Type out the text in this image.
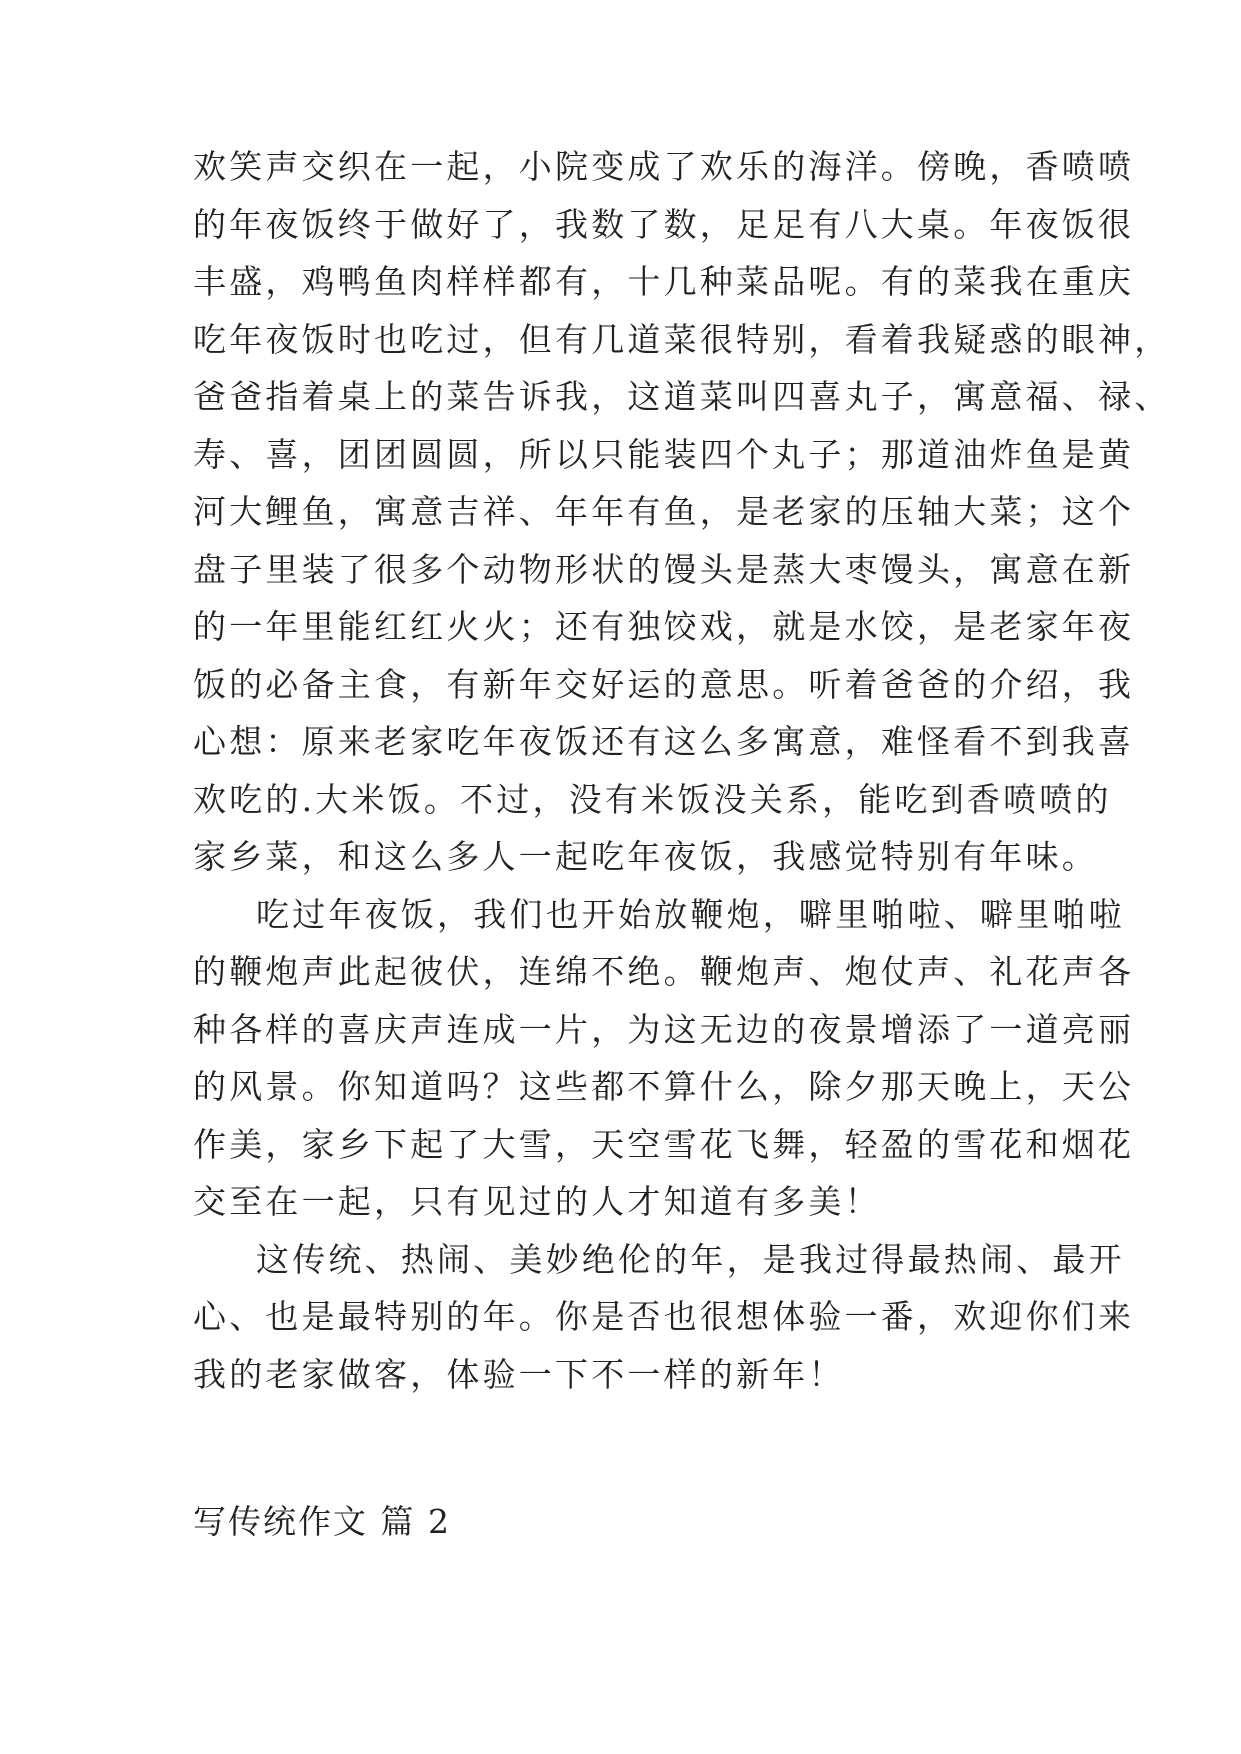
欢笑声交织在一起，小院变成了欢乐的海洋。傍晚，香喷喷
的年夜饭终于做好了，我数了数，足足有八大桌。年夜饭很
丰盛，鸡鸭鱼肉样样都有，十几种菜品呢。有的菜我在重庆
吃年夜饭时也吃过，但有几道菜很特别，看着我疑惑的眼神，
爸爸指着桌上的菜告诉我，这道菜叫四喜丸子，寓意福、禄、
寿、喜，团团圆圆，所以只能装四个丸子；那道油炸鱼是黄
河大鲤鱼，寓意吉祥、年年有鱼，是老家的压轴大菜；这个
盘子里装了很多个动物形状的馒头是蒸大枣馒头，寓意在新
的一年里能红红火火；还有独饺戏，就是水饺，是老家年夜
饭的必备主食，有新年交好运的意思。听着爸爸的介绍，我
心想：原来老家吃年夜饭还有这么多寓意，难怪看不到我喜
欢吃的.大米饭。不过，没有米饭没关系，能吃到香喷喷的
家乡菜，和这么多人一起吃年夜饭，我感觉特别有年味。
吃过年夜饭，我们也开始放鞭炮，噼里啪啦、噼里啪啦
的鞭炮声此起彼伏，连绵不绝。鞭炮声、炮仗声、礼花声各
种各样的喜庆声连成一片，为这无边的夜景增添了一道亮丽
的风景。你知道吗？这些都不算什么，除夕那天晚上，天公
作美，家乡下起了大雪，天空雪花飞舞，轻盈的雪花和烟花
交至在一起，只有见过的人才知道有多美！
这传统、热闹、美妙绝伦的年，是我过得最热闹、最开
心、也是最特别的年。你是否也很想体验一番，欢迎你们来
我的老家做客，体验一下不一样的新年！
写传统作文 篇 2
